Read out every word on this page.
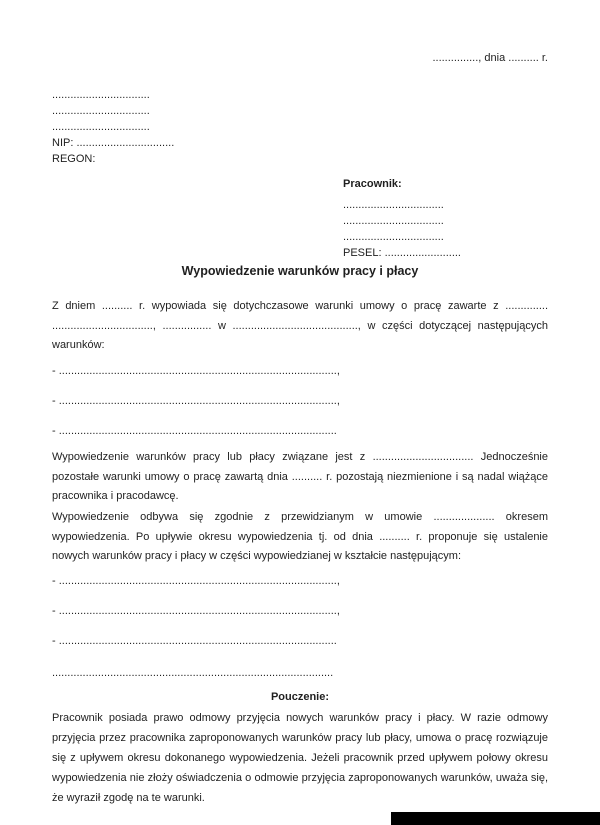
..............., dnia .......... r.
................................
................................
................................
NIP: ................................
REGON:
Pracownik:
.................................
.................................
.................................
PESEL: .........................
Wypowiedzenie warunków pracy i płacy
Z dniem .......... r. wypowiada się dotychczasowe warunki umowy o pracę zawarte z .............. ................................., ................ w ........................................., w części dotyczącej następujących warunków:
- ...........................................................................................,
- ...........................................................................................,
- ...........................................................................................
Wypowiedzenie warunków pracy lub płacy związane jest z ................................. Jednocześnie pozostałe warunki umowy o pracę zawartą dnia .......... r. pozostają niezmienione i są nadal wiążące pracownika i pracodawcę.
Wypowiedzenie odbywa się zgodnie z przewidzianym w umowie .................... okresem wypowiedzenia. Po upływie okresu wypowiedzenia tj. od dnia .......... r. proponuje się ustalenie nowych warunków pracy i płacy w części wypowiedzianej w kształcie następującym:
- ...........................................................................................,
- ...........................................................................................,
- ...........................................................................................
............................................................................................
Pouczenie:
Pracownik posiada prawo odmowy przyjęcia nowych warunków pracy i płacy. W razie odmowy przyjęcia przez pracownika zaproponowanych warunków pracy lub płacy, umowa o pracę rozwiązuje się z upływem okresu dokonanego wypowiedzenia. Jeżeli pracownik przed upływem połowy okresu wypowiedzenia nie złoży oświadczenia o odmowie przyjęcia zaproponowanych warunków, uważa się, że wyraził zgodę na te warunki.
